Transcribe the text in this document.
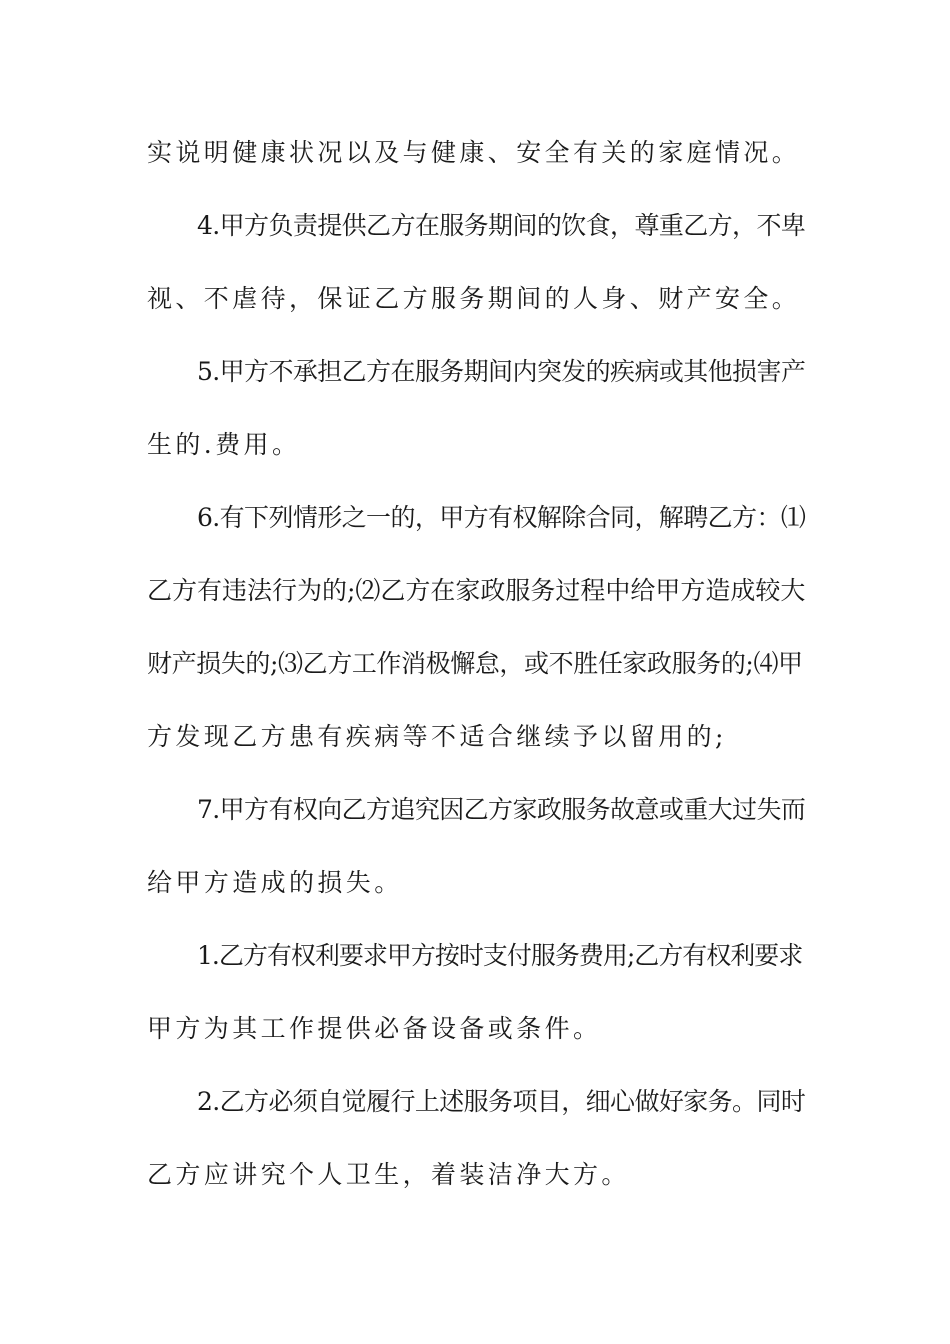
实说明健康状况以及与健康、安全有关的家庭情况。
4.甲方负责提供乙方在服务期间的饮食，尊重乙方，不卑
视、不虐待，保证乙方服务期间的人身、财产安全。
5.甲方不承担乙方在服务期间内突发的疾病或其他损害产
生的.费用。
6.有下列情形之一的，甲方有权解除合同，解聘乙方：⑴
乙方有违法行为的;⑵乙方在家政服务过程中给甲方造成较大
财产损失的;⑶乙方工作消极懈怠，或不胜任家政服务的;⑷甲
方发现乙方患有疾病等不适合继续予以留用的;
7.甲方有权向乙方追究因乙方家政服务故意或重大过失而
给甲方造成的损失。
1.乙方有权利要求甲方按时支付服务费用;乙方有权利要求
甲方为其工作提供必备设备或条件。
2.乙方必须自觉履行上述服务项目，细心做好家务。同时
乙方应讲究个人卫生，着装洁净大方。
